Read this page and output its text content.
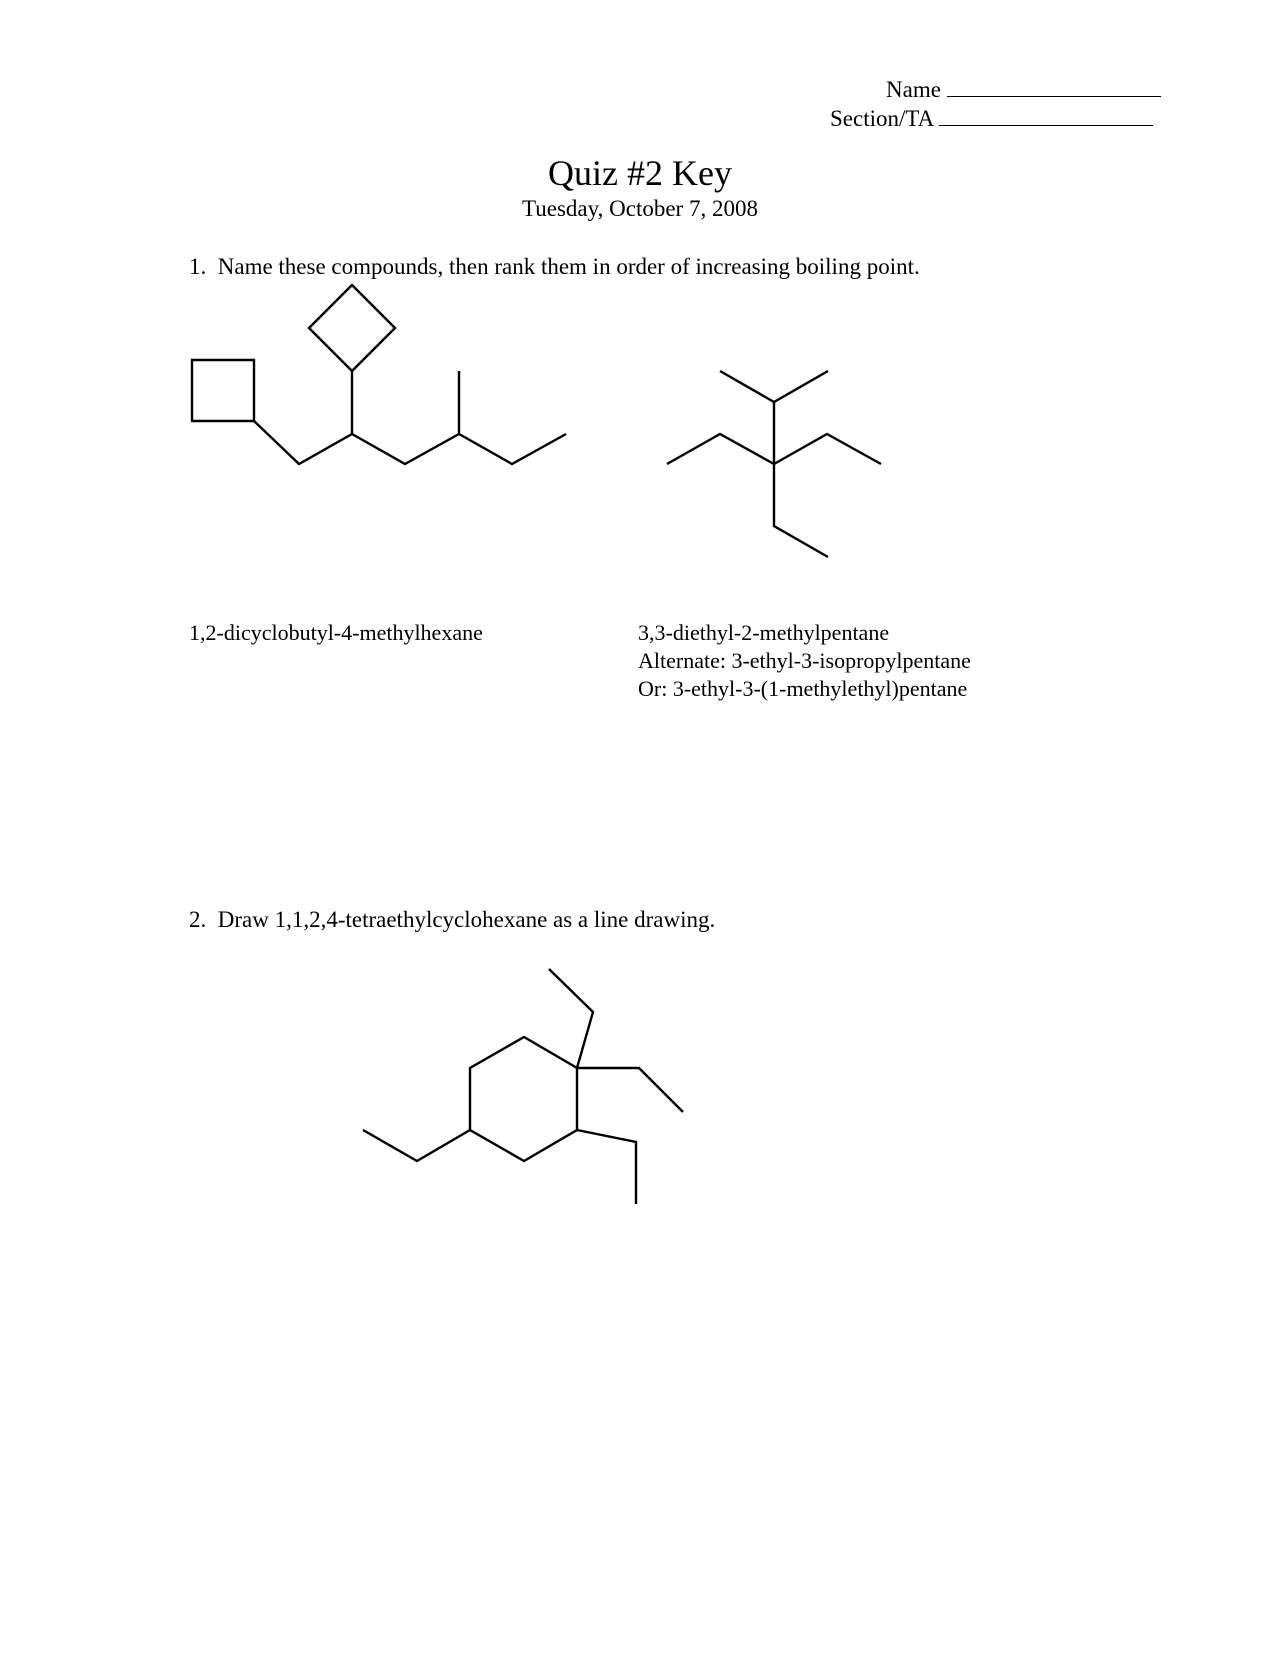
Name
Section/TA
Quiz #2 Key
Tuesday, October 7, 2008
1. Name these compounds, then rank them in order of increasing boiling point.
1,2-dicyclobutyl-4-methylhexane	3,3-diethyl-2-methylpentane
Alternate: 3-ethyl-3-isopropylpentane
Or: 3-ethyl-3-(1-methylethyl)pentane
2. Draw 1,1,2,4-tetraethylcyclohexane as a line drawing.
